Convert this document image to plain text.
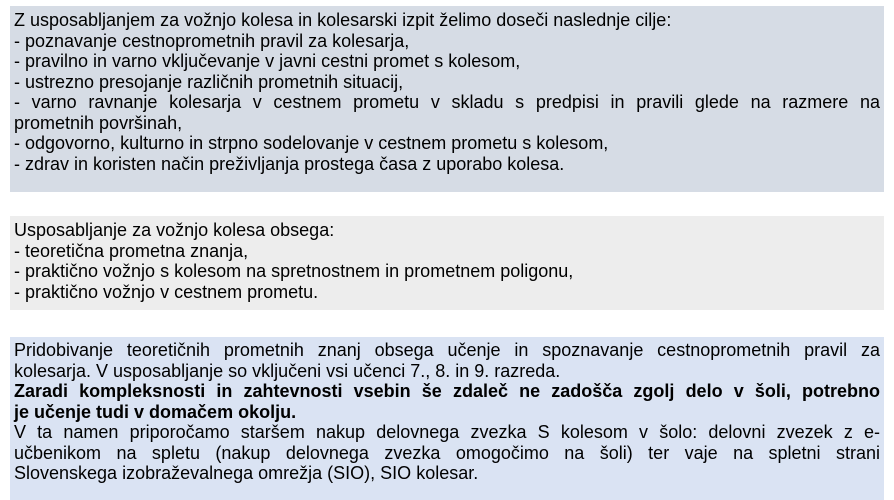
Z usposabljanjem za vožnjo kolesa in kolesarski izpit želimo doseči naslednje cilje:
- poznavanje cestnoprometnih pravil za kolesarja,
- pravilno in varno vključevanje v javni cestni promet s kolesom,
- ustrezno presojanje različnih prometnih situacij,
- varno ravnanje kolesarja v cestnem prometu v skladu s predpisi in pravili glede na razmere na
prometnih površinah,
- odgovorno, kulturno in strpno sodelovanje v cestnem prometu s kolesom,
- zdrav in koristen način preživljanja prostega časa z uporabo kolesa.
Usposabljanje za vožnjo kolesa obsega:
- teoretična prometna znanja,
- praktično vožnjo s kolesom na spretnostnem in prometnem poligonu,
- praktično vožnjo v cestnem prometu.
Pridobivanje teoretičnih prometnih znanj obsega učenje in spoznavanje cestnoprometnih pravil za
kolesarja. V usposabljanje so vključeni vsi učenci 7., 8. in 9. razreda.
Zaradi kompleksnosti in zahtevnosti vsebin še zdaleč ne zadošča zgolj delo v šoli, potrebno
je učenje tudi v domačem okolju.
V ta namen priporočamo staršem nakup delovnega zvezka S kolesom v šolo: delovni zvezek z e-
učbenikom na spletu (nakup delovnega zvezka omogočimo na šoli) ter vaje na spletni strani
Slovenskega izobraževalnega omrežja (SIO), SIO kolesar.
